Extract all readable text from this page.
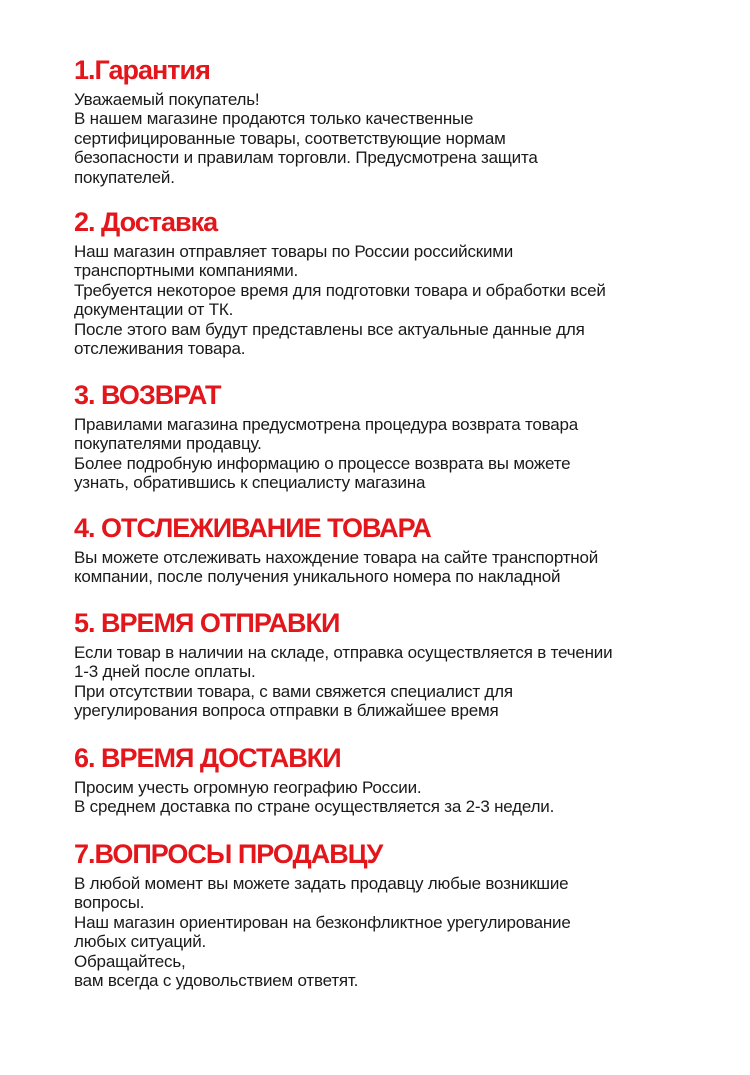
1.Гарантия

Уважаемый покупатель!

В нашем магазине продаются только качественные

сертифицированные товары, соответствующие нормам

безопасности и правилам торговли. Предусмотрена защита

покупателей.

2. Доставка

Наш магазин отправляет товары по России российскими

транспортными компаниями.

Требуется некоторое время для подготовки товара и обработки всей

документации от ТК.

После этого вам будут представлены все актуальные данные для

отслеживания товара.

3. ВОЗВРАТ

Правилами магазина предусмотрена процедура возврата товара

покупателями продавцу.

Более подробную информацию о процессе возврата вы можете

узнать, обратившись к специалисту магазина

4. ОТСЛЕЖИВАНИЕ ТОВАРА

Вы можете отслеживать нахождение товара на сайте транспортной

компании, после получения уникального номера по накладной

5. ВРЕМЯ ОТПРАВКИ

Если товар в наличии на складе, отправка осуществляется в течении

1-3 дней после оплаты.

При отсутствии товара, с вами свяжется специалист для

урегулирования вопроса отправки в ближайшее время

6. ВРЕМЯ ДОСТАВКИ

Просим учесть огромную географию России.

В среднем доставка по стране осуществляется за 2-3 недели.

7.ВОПРОСЫ ПРОДАВЦУ

В любой момент вы можете задать продавцу любые возникшие

вопросы.

Наш магазин ориентирован на безконфликтное урегулирование

любых ситуаций.

Обращайтесь,

вам всегда с удовольствием ответят.
